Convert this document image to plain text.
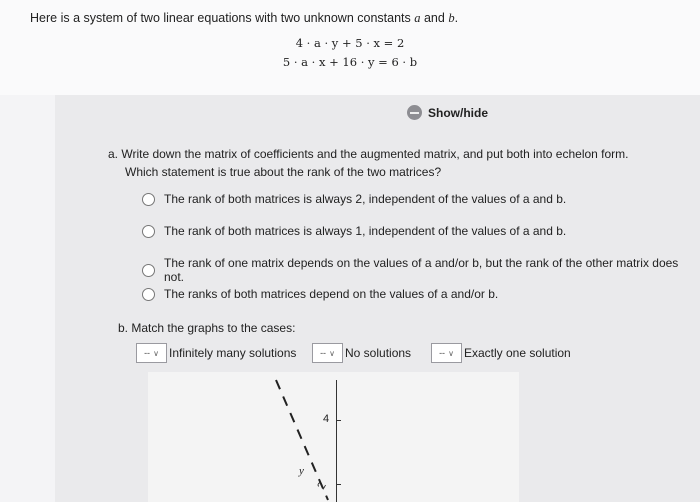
Here is a system of two linear equations with two unknown constants a and b.
4 · a · y + 5 · x = 2
5 · a · x + 16 · y = 6 · b
Show/hide
a. Write down the matrix of coefficients and the augmented matrix, and put both into echelon form.
Which statement is true about the rank of the two matrices?
The rank of both matrices is always 2, independent of the values of a and b.
The rank of both matrices is always 1, independent of the values of a and b.
The rank of one matrix depends on the values of a and/or b, but the rank of the other matrix does not.
The ranks of both matrices depend on the values of a and/or b.
b. Match the graphs to the cases:
-- ∨ Infinitely many solutions	-- ∨ No solutions	-- ∨ Exactly one solution
4
2
y
